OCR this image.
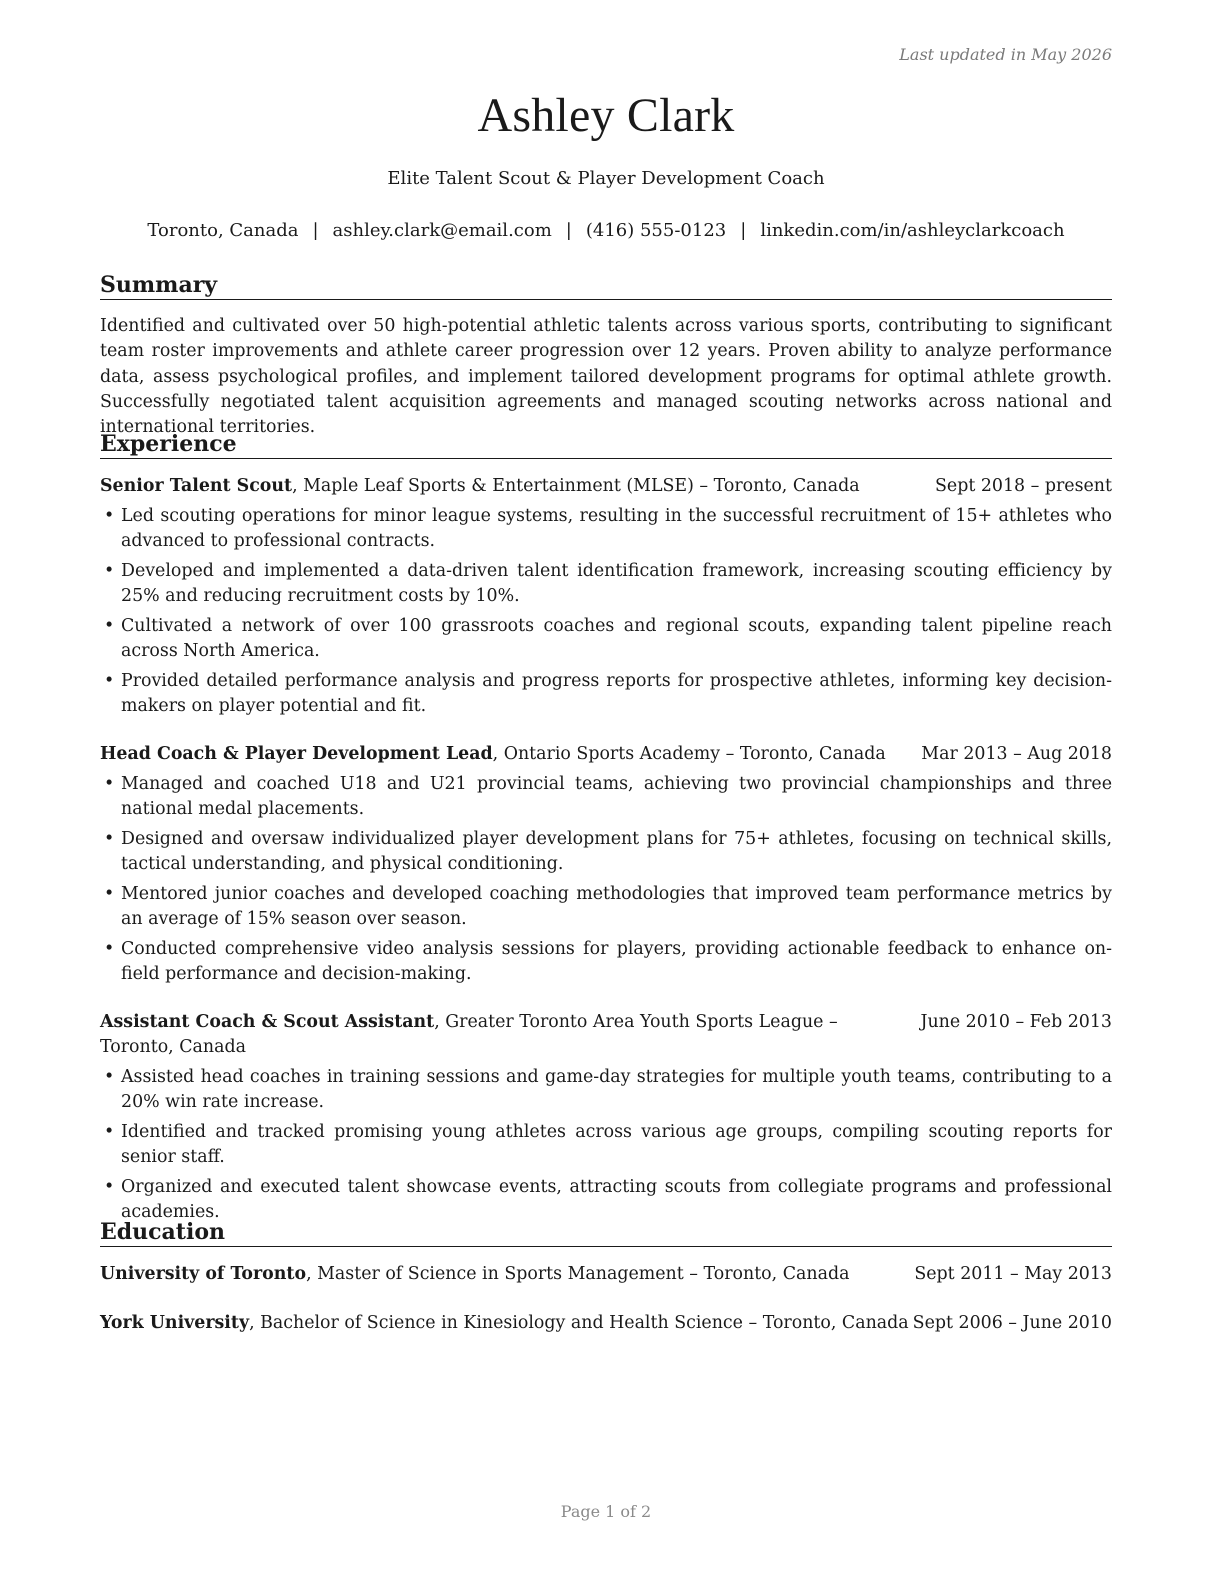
Last updated in May 2026
Ashley Clark
Elite Talent Scout & Player Development Coach
Toronto, Canada | ashley.clark@email.com | (416) 555-0123 | linkedin.com/in/ashleyclarkcoach
Summary
Identified and cultivated over 50 high-potential athletic talents across various sports, contributing to significant team roster improvements and athlete career progression over 12 years. Proven ability to analyze performance data, assess psychological profiles, and implement tailored development programs for optimal athlete growth. Successfully negotiated talent acquisition agreements and managed scouting networks across national and international territories.
Experience
Senior Talent Scout, Maple Leaf Sports & Entertainment (MLSE) – Toronto, Canada	Sept 2018 – present
• Led scouting operations for minor league systems, resulting in the successful recruitment of 15+ athletes who advanced to professional contracts.
• Developed and implemented a data-driven talent identification framework, increasing scouting efficiency by 25% and reducing recruitment costs by 10%.
• Cultivated a network of over 100 grassroots coaches and regional scouts, expanding talent pipeline reach across North America.
• Provided detailed performance analysis and progress reports for prospective athletes, informing key decision-makers on player potential and fit.
Head Coach & Player Development Lead, Ontario Sports Academy – Toronto, Canada Mar 2013 – Aug 2018
• Managed and coached U18 and U21 provincial teams, achieving two provincial championships and three national medal placements.
• Designed and oversaw individualized player development plans for 75+ athletes, focusing on technical skills, tactical understanding, and physical conditioning.
• Mentored junior coaches and developed coaching methodologies that improved team performance metrics by an average of 15% season over season.
• Conducted comprehensive video analysis sessions for players, providing actionable feedback to enhance on-field performance and decision-making.
Assistant Coach & Scout Assistant, Greater Toronto Area Youth Sports League – Toronto, Canada
June 2010 – Feb 2013
• Assisted head coaches in training sessions and game-day strategies for multiple youth teams, contributing to a 20% win rate increase.
• Identified and tracked promising young athletes across various age groups, compiling scouting reports for senior staff.
• Organized and executed talent showcase events, attracting scouts from collegiate programs and professional academies.
Education
University of Toronto, Master of Science in Sports Management – Toronto, Canada	Sept 2011 – May 2013
York University, Bachelor of Science in Kinesiology and Health Science – Toronto, Canada Sept 2006 – June 2010
Page 1 of 2
